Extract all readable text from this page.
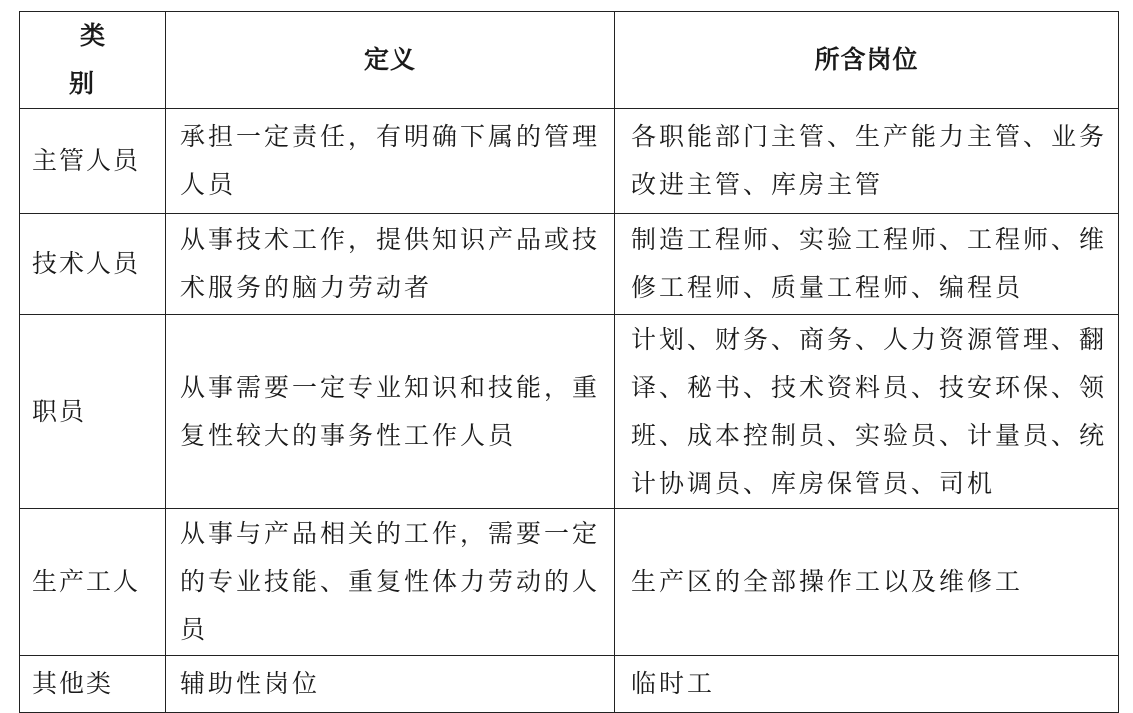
类 别	定义	所含岗位
主管人员	承担一定责任，有明确下属的管理人员	各职能部门主管、生产能力主管、业务改进主管、库房主管
技术人员	从事技术工作，提供知识产品或技术服务的脑力劳动者	制造工程师、实验工程师、工程师、维修工程师、质量工程师、编程员
职员	从事需要一定专业知识和技能，重复性较大的事务性工作人员	计划、财务、商务、人力资源管理、翻译、秘书、技术资料员、技安环保、领班、成本控制员、实验员、计量员、统计协调员、库房保管员、司机
生产工人	从事与产品相关的工作，需要一定的专业技能、重复性体力劳动的人员	生产区的全部操作工以及维修工
其他类	辅助性岗位	临时工
